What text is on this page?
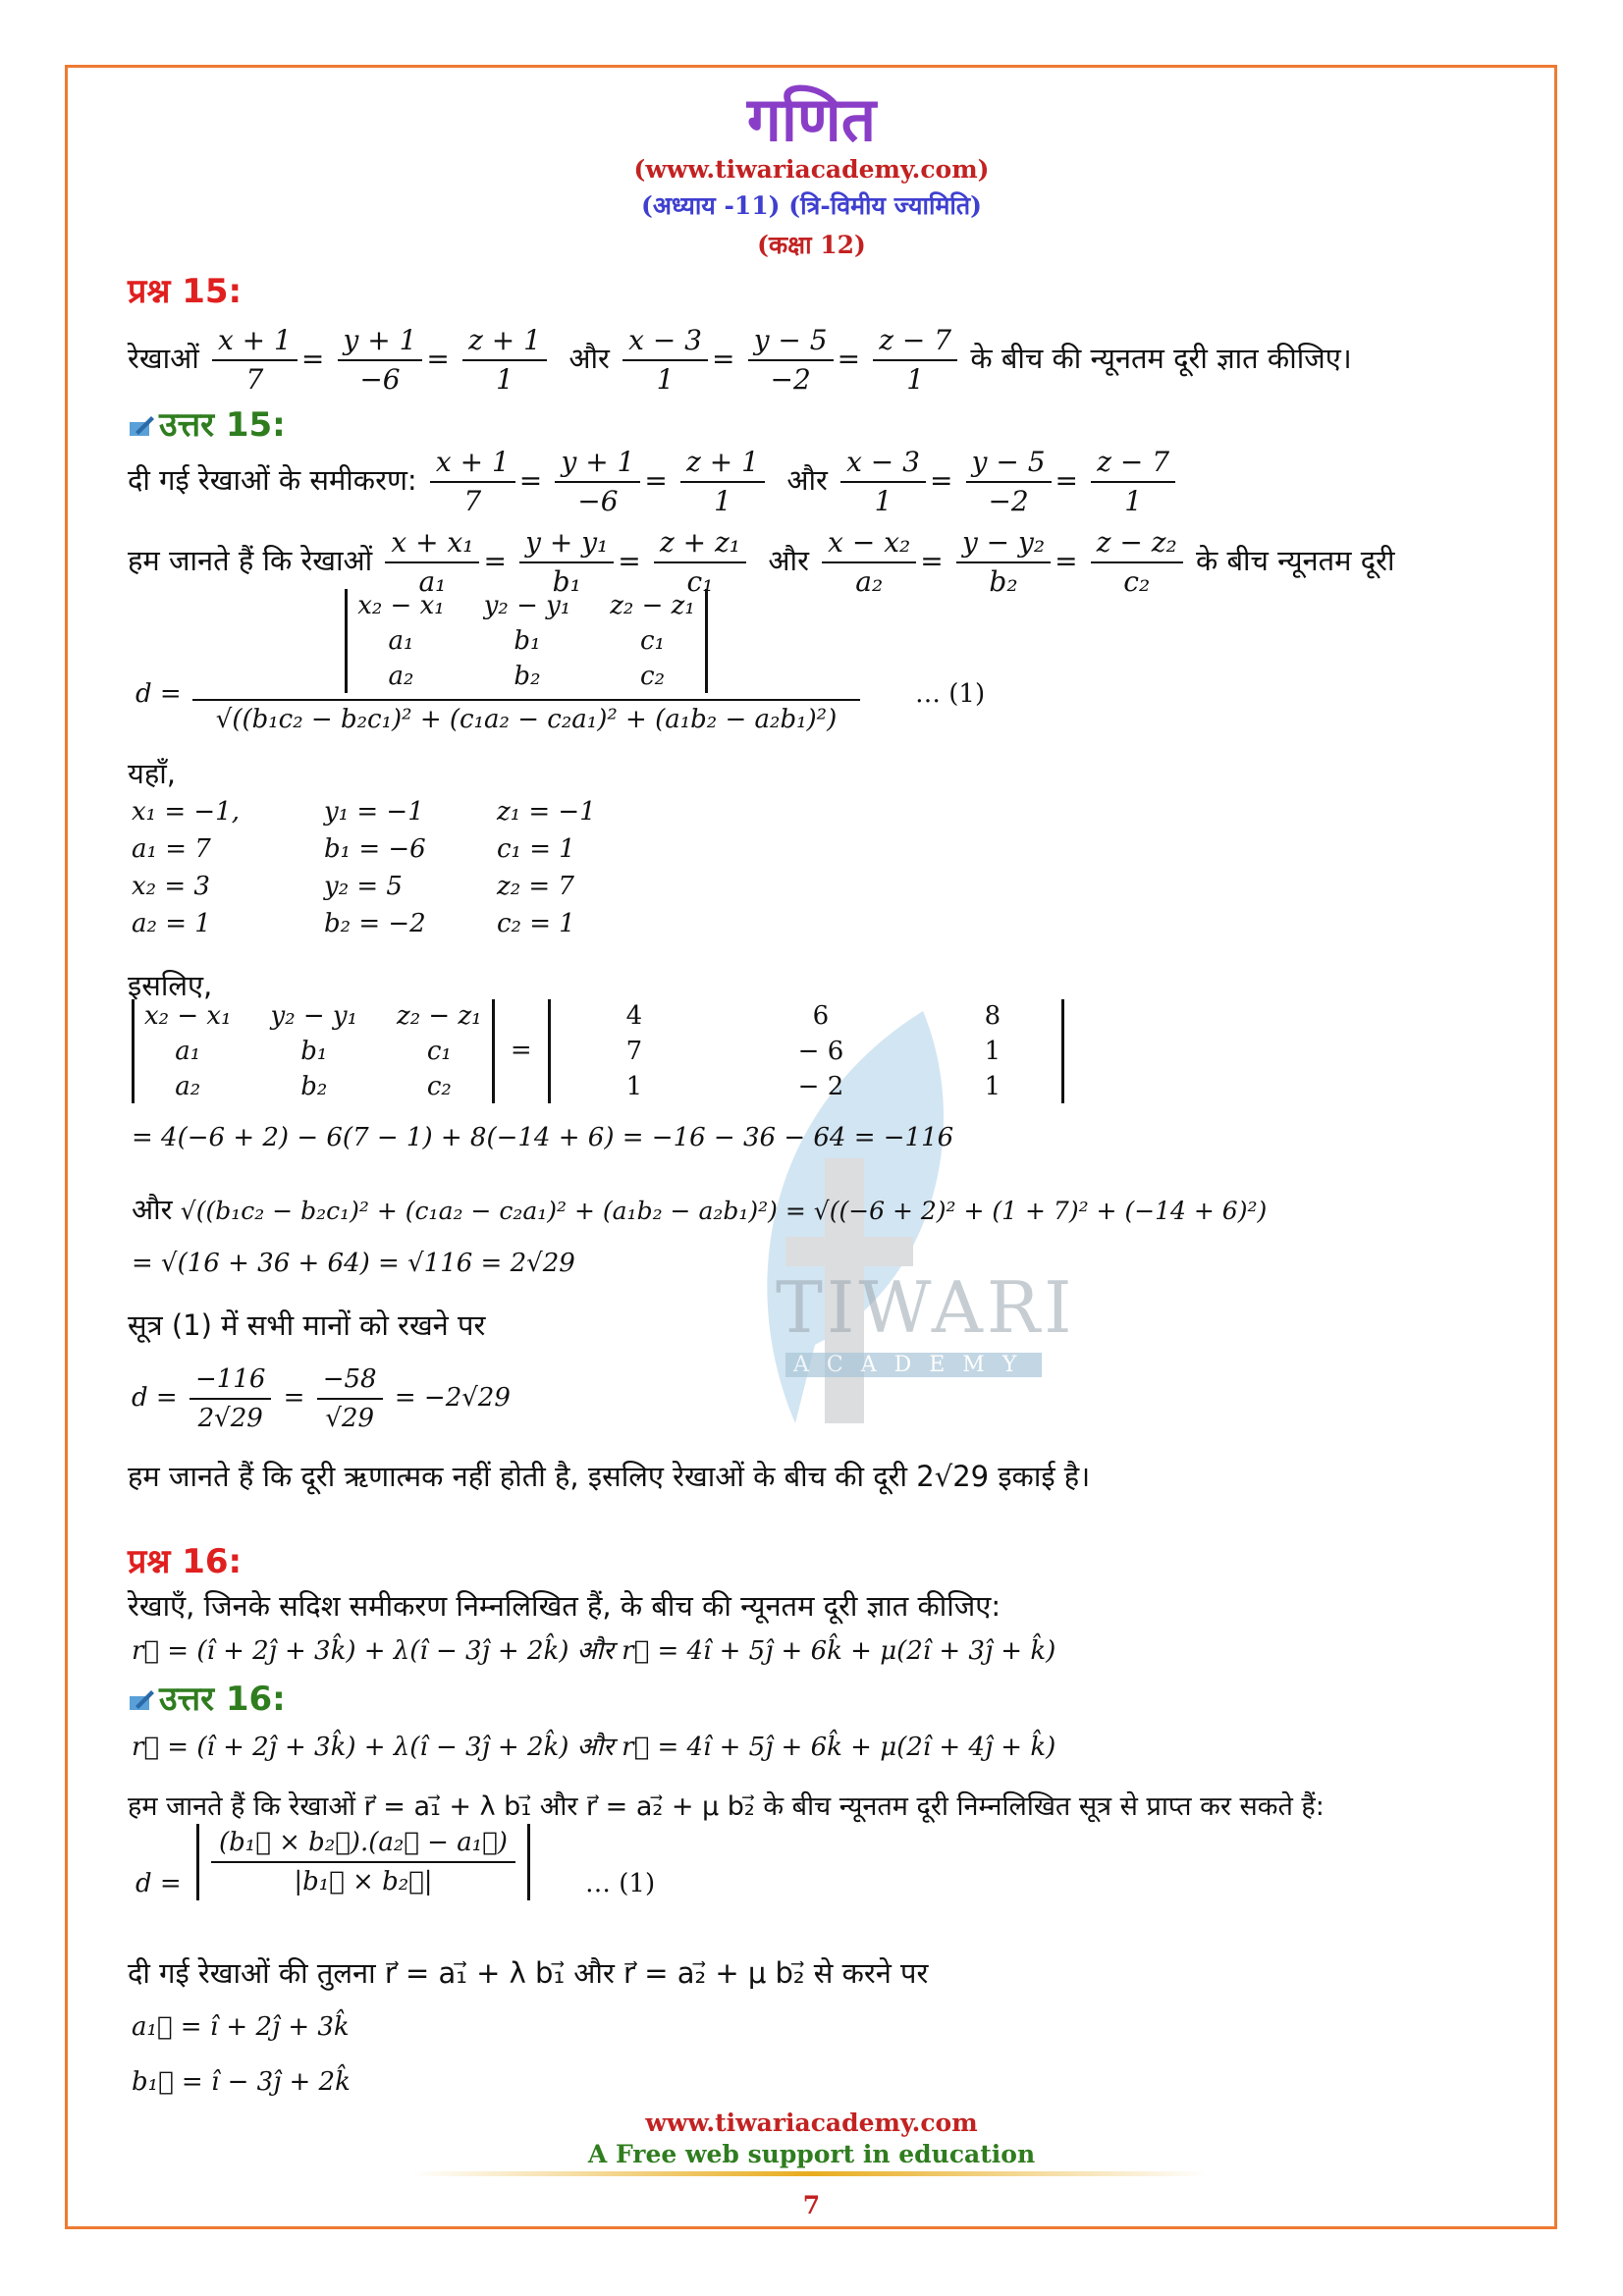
TIWARI
ACADEMY
गणित
(www.tiwariacademy.com)
(अध्याय -11) (त्रि-विमीय ज्यामिति)
(कक्षा 12)
प्रश्न 15:
रेखाओं $\frac{x + 1}{7} = \frac{y + 1}{-6} = \frac{z + 1}{1}$ और $\frac{x - 3}{1} = \frac{y - 5}{-2} = \frac{z - 7}{1}$ के बीच की न्यूनतम दूरी ज्ञात कीजिए।
उत्तर 15:
दी गई रेखाओं के समीकरण: $\frac{x + 1}{7} = \frac{y + 1}{-6} = \frac{z + 1}{1}$ और $\frac{x - 3}{1} = \frac{y - 5}{-2} = \frac{z - 7}{1}$
हम जानते हैं कि रेखाओं $\frac{\text{x + x₁}}{\text{a₁}} = \frac{\text{y + y₁}}{\text{b₁}} = \frac{\text{z + z₁}}{\text{c₁}}$ और $\frac{\text{x − x₂}}{\text{a₂}} = \frac{\text{y − y₂}}{\text{b₂}} = \frac{\text{z − z₂}}{\text{c₂}}$ के बीच न्यूनतम दूरी
d =
x₂ − x₁ y₂ − y₁ z₂ − z₁
a₁	b₁	c₁
a₂	b₂	c₂
√((b₁c₂ − b₂c₁)² + (c₁a₂ − c₂a₁)² + (a₁b₂ − a₂b₁)²)
… (1)
यहाँ,
x₁ = −1,	y₁ = −1	z₁ = −1
a₁ = 7	b₁ = −6	c₁ = 1
x₂ = 3	y₂ = 5	z₂ = 7
a₂ = 1	b₂ = −2	c₂ = 1
इसलिए,
x₂ − x₁ y₂ − y₁ z₂ − z₁
a₁	b₁	c₁
a₂	b₂	c₂
=
4	6	8
7	− 6	1
1	− 2	1
= 4(−6 + 2) − 6(7 − 1) + 8(−14 + 6) = −16 − 36 − 64 = −116
और √((b₁c₂ − b₂c₁)² + (c₁a₂ − c₂a₁)² + (a₁b₂ − a₂b₁)²) = √((−6 + 2)² + (1 + 7)² + (−14 + 6)²)
= √(16 + 36 + 64) = √116 = 2√29
सूत्र (1) में सभी मानों को रखने पर
$d = \frac{-116}{2√29} = \frac{-58}{√29} = -2√29$
हम जानते हैं कि दूरी ऋणात्मक नहीं होती है, इसलिए रेखाओं के बीच की दूरी 2√29 इकाई है।
प्रश्न 16:
रेखाएँ, जिनके सदिश समीकरण निम्नलिखित हैं, के बीच की न्यूनतम दूरी ज्ञात कीजिए:
r⃗ = (î + 2ĵ + 3k̂) + λ(î − 3ĵ + 2k̂) और r⃗ = 4î + 5ĵ + 6k̂ + μ(2î + 3ĵ + k̂)
उत्तर 16:
r⃗ = (î + 2ĵ + 3k̂) + λ(î − 3ĵ + 2k̂) और r⃗ = 4î + 5ĵ + 6k̂ + μ(2î + 4ĵ + k̂)
हम जानते हैं कि रेखाओं r⃗ = a₁⃗ + λ b₁⃗ और r⃗ = a₂⃗ + μ b₂⃗ के बीच न्यूनतम दूरी निम्नलिखित सूत्र से प्राप्त कर सकते हैं:
$d = \frac{\text{(b₁⃗ × b₂⃗).(a₂⃗ − a₁⃗)}}{\text{|b₁⃗ × b₂⃗|}}$ … (1)
दी गई रेखाओं की तुलना r⃗ = a₁⃗ + λ b₁⃗ और r⃗ = a₂⃗ + μ b₂⃗ से करने पर
a₁⃗ = î + 2ĵ + 3k̂
b₁⃗ = î − 3ĵ + 2k̂
www.tiwariacademy.com
A Free web support in education
7
